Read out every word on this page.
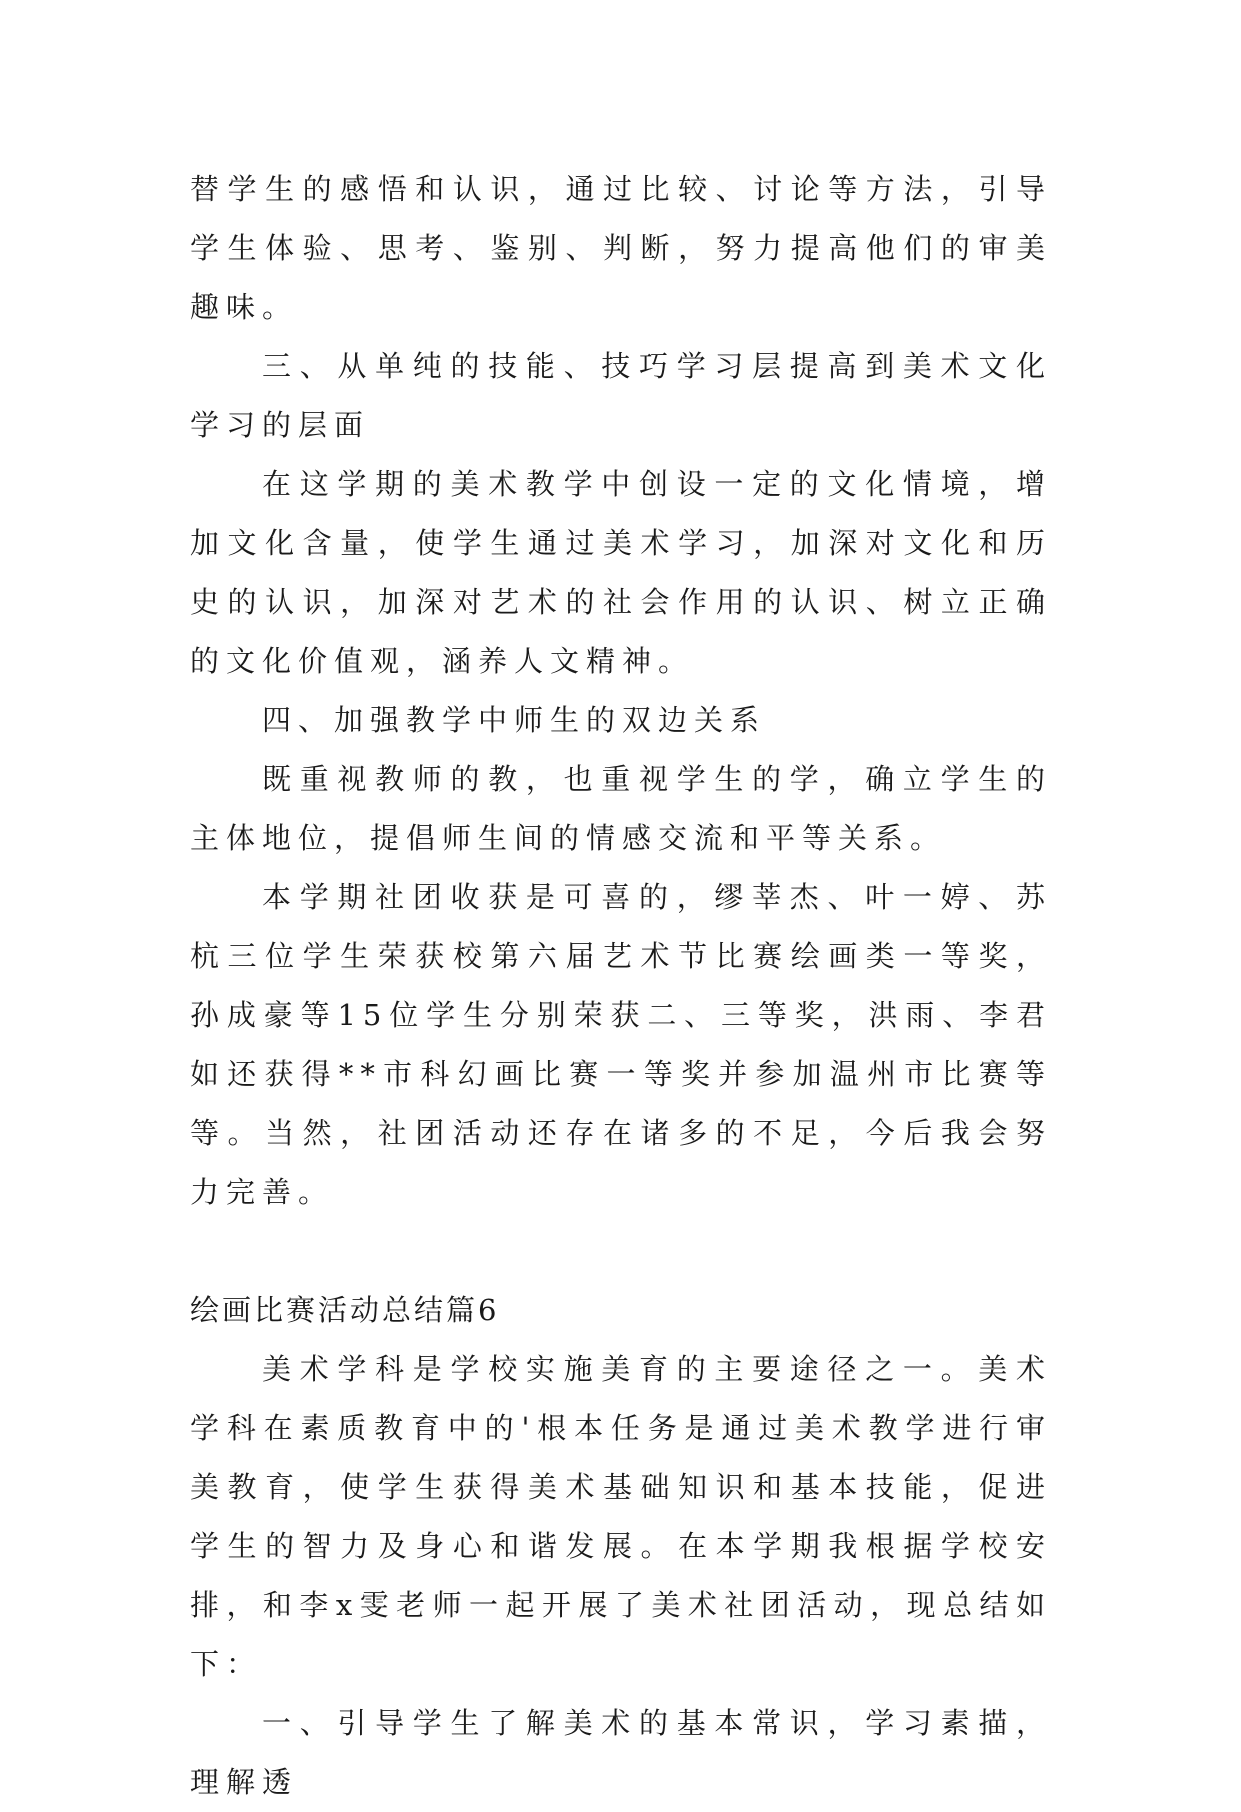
替学生的感悟和认识，通过比较、讨论等方法，引导学生体验、思考、鉴别、判断，努力提高他们的审美趣味。

三、从单纯的技能、技巧学习层提高到美术文化学习的层面

在这学期的美术教学中创设一定的文化情境，增加文化含量，使学生通过美术学习，加深对文化和历史的认识，加深对艺术的社会作用的认识、树立正确的文化价值观，涵养人文精神。

四、加强教学中师生的双边关系

既重视教师的教，也重视学生的学，确立学生的主体地位，提倡师生间的情感交流和平等关系。

本学期社团收获是可喜的，缪莘杰、叶一婷、苏杭三位学生荣获校第六届艺术节比赛绘画类一等奖，孙成豪等15位学生分别荣获二、三等奖，洪雨、李君如还获得**市科幻画比赛一等奖并参加温州市比赛等等。当然，社团活动还存在诸多的不足，今后我会努力完善。

绘画比赛活动总结篇6

美术学科是学校实施美育的主要途径之一。美术学科在素质教育中的'根本任务是通过美术教学进行审美教育，使学生获得美术基础知识和基本技能，促进学生的智力及身心和谐发展。在本学期我根据学校安排，和李x雯老师一起开展了美术社团活动，现总结如下：

一、引导学生了解美术的基本常识，学习素描，理解透
